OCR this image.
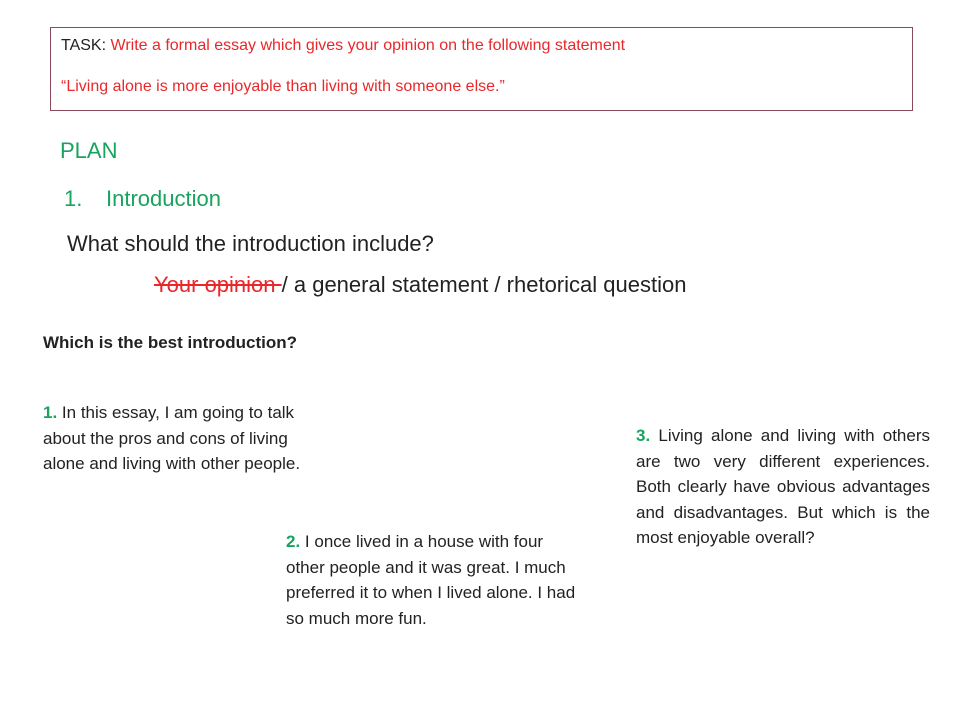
TASK: Write a formal essay which gives your opinion on the following statement
“Living alone is more enjoyable than living with someone else.”
PLAN
1. Introduction
What should the introduction include?
Your opinion / a general statement / rhetorical question
Which is the best introduction?
1. In this essay, I am going to talk about the pros and cons of living alone and living with other people.
2. I once lived in a house with four other people and it was great. I much preferred it to when I lived alone. I had so much more fun.
3. Living alone and living with others are two very different experiences. Both clearly have obvious advantages and disadvantages. But which is the most enjoyable overall?
